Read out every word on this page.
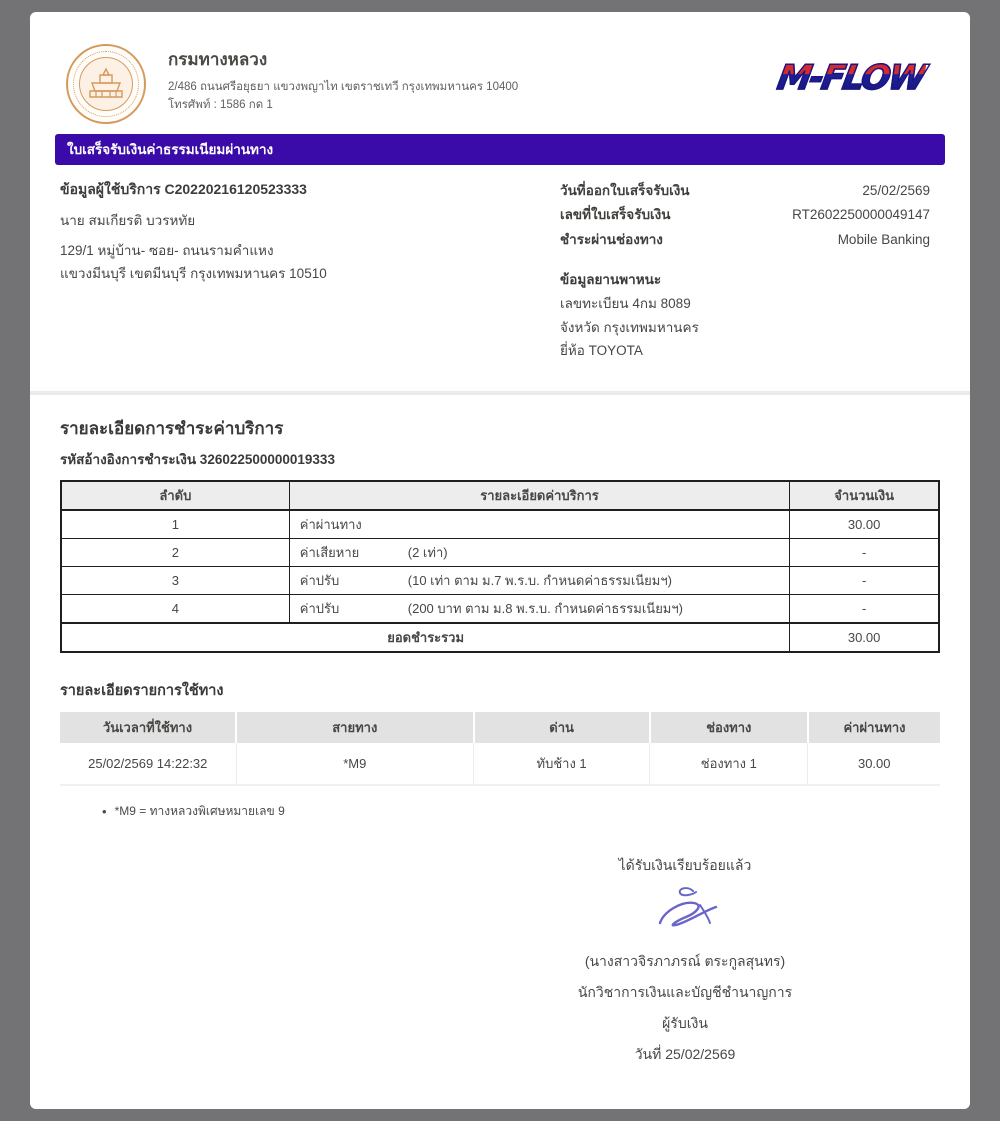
กรมทางหลวง
2/486 ถนนศรีอยุธยา แขวงพญาไท เขตราชเทวี กรุงเทพมหานคร 10400
โทรศัพท์ : 1586 กด 1
M-FLOW
ใบเสร็จรับเงินค่าธรรมเนียมผ่านทาง
ข้อมูลผู้ใช้บริการ C20220216120523333
นาย สมเกียรติ บวรหทัย
129/1 หมู่บ้าน- ซอย- ถนนรามคำแหง
แขวงมีนบุรี เขตมีนบุรี กรุงเทพมหานคร 10510
วันที่ออกใบเสร็จรับเงิน	25/02/2569
เลขที่ใบเสร็จรับเงิน	RT2602250000049147
ชำระผ่านช่องทาง	Mobile Banking
ข้อมูลยานพาหนะ
เลขทะเบียน 4กม 8089
จังหวัด กรุงเทพมหานคร
ยี่ห้อ TOYOTA
รายละเอียดการชำระค่าบริการ
รหัสอ้างอิงการชำระเงิน 326022500000019333
ลำดับ	รายละเอียดค่าบริการ	จำนวนเงิน
1	ค่าผ่านทาง	30.00
2	ค่าเสียหาย (2 เท่า)	-
3	ค่าปรับ (10 เท่า ตาม ม.7 พ.ร.บ. กำหนดค่าธรรมเนียมฯ)	-
4	ค่าปรับ (200 บาท ตาม ม.8 พ.ร.บ. กำหนดค่าธรรมเนียมฯ)	-
ยอดชำระรวม		30.00
รายละเอียดรายการใช้ทาง
วันเวลาที่ใช้ทาง	สายทาง	ด่าน	ช่องทาง	ค่าผ่านทาง
25/02/2569 14:22:32	*M9	ทับช้าง 1	ช่องทาง 1	30.00
• *M9 = ทางหลวงพิเศษหมายเลข 9
ได้รับเงินเรียบร้อยแล้ว
(นางสาวจิรภาภรณ์ ตระกูลสุนทร)
นักวิชาการเงินและบัญชีชำนาญการ
ผู้รับเงิน
วันที่ 25/02/2569
